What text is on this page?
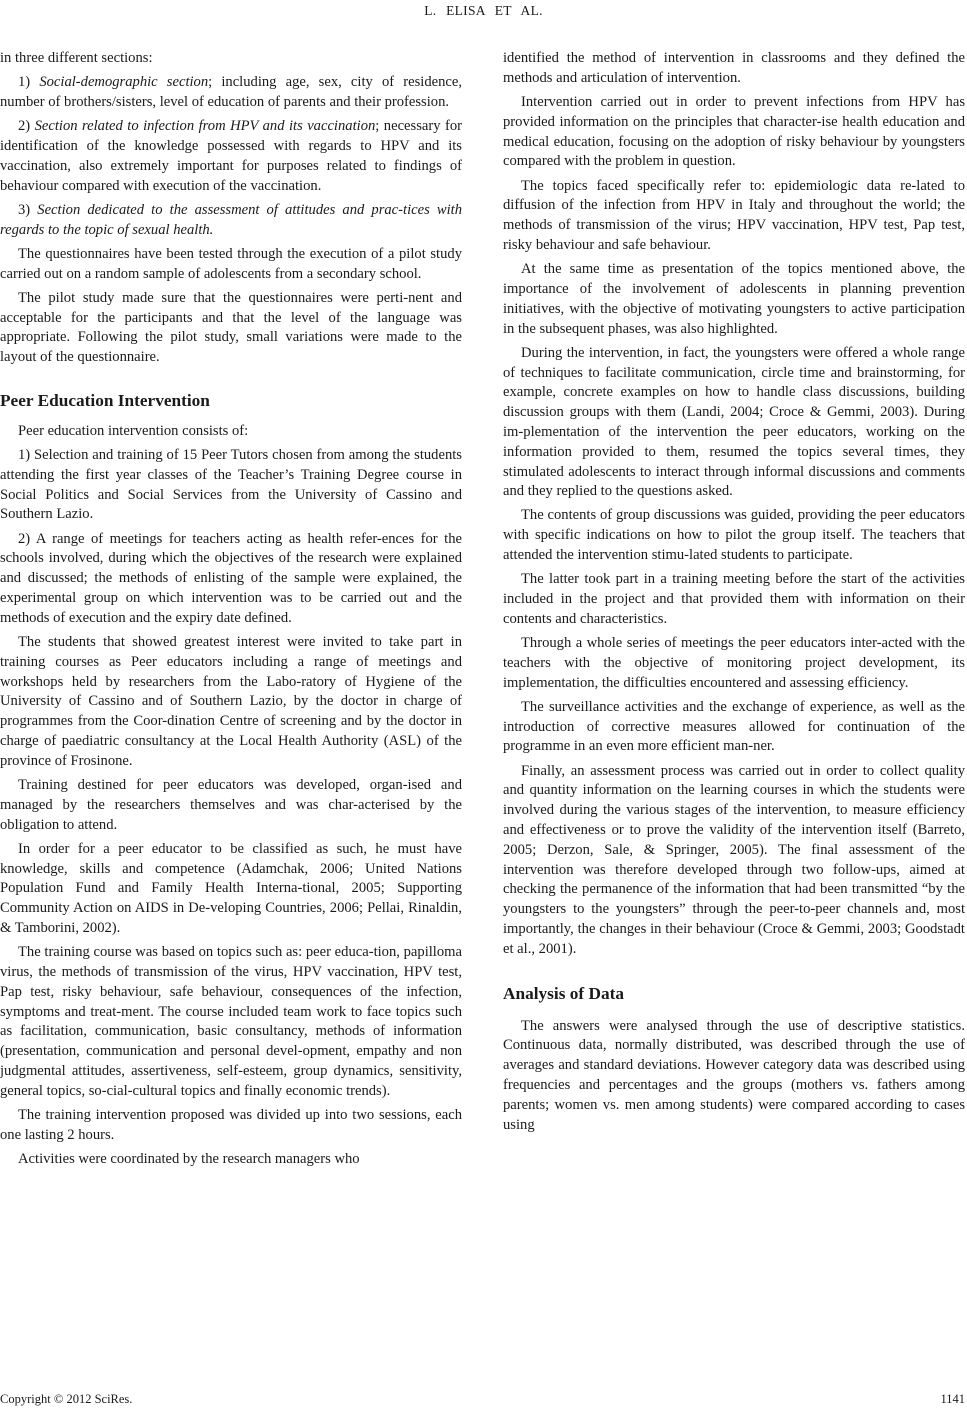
L. ELISA ET AL.

in three different sections:

1) Social-demographic section; including age, sex, city of residence, number of brothers/sisters, level of education of parents and their profession.

2) Section related to infection from HPV and its vaccination; necessary for identification of the knowledge possessed with regards to HPV and its vaccination, also extremely important for purposes related to findings of behaviour compared with execution of the vaccination.

3) Section dedicated to the assessment of attitudes and prac-tices with regards to the topic of sexual health.

The questionnaires have been tested through the execution of a pilot study carried out on a random sample of adolescents from a secondary school.

The pilot study made sure that the questionnaires were perti-nent and acceptable for the participants and that the level of the language was appropriate. Following the pilot study, small variations were made to the layout of the questionnaire.

Peer Education Intervention

Peer education intervention consists of:

1) Selection and training of 15 Peer Tutors chosen from among the students attending the first year classes of the Teacher’s Training Degree course in Social Politics and Social Services from the University of Cassino and Southern Lazio.

2) A range of meetings for teachers acting as health refer-ences for the schools involved, during which the objectives of the research were explained and discussed; the methods of enlisting of the sample were explained, the experimental group on which intervention was to be carried out and the methods of execution and the expiry date defined.

The students that showed greatest interest were invited to take part in training courses as Peer educators including a range of meetings and workshops held by researchers from the Labo-ratory of Hygiene of the University of Cassino and of Southern Lazio, by the doctor in charge of programmes from the Coor-dination Centre of screening and by the doctor in charge of paediatric consultancy at the Local Health Authority (ASL) of the province of Frosinone.

Training destined for peer educators was developed, organ-ised and managed by the researchers themselves and was char-acterised by the obligation to attend.

In order for a peer educator to be classified as such, he must have knowledge, skills and competence (Adamchak, 2006; United Nations Population Fund and Family Health Interna-tional, 2005; Supporting Community Action on AIDS in De-veloping Countries, 2006; Pellai, Rinaldin, & Tamborini, 2002).

The training course was based on topics such as: peer educa-tion, papilloma virus, the methods of transmission of the virus, HPV vaccination, HPV test, Pap test, risky behaviour, safe behaviour, consequences of the infection, symptoms and treat-ment. The course included team work to face topics such as facilitation, communication, basic consultancy, methods of information (presentation, communication and personal devel-opment, empathy and non judgmental attitudes, assertiveness, self-esteem, group dynamics, sensitivity, general topics, so-cial-cultural topics and finally economic trends).

The training intervention proposed was divided up into two sessions, each one lasting 2 hours.

Activities were coordinated by the research managers who

identified the method of intervention in classrooms and they defined the methods and articulation of intervention.

Intervention carried out in order to prevent infections from HPV has provided information on the principles that character-ise health education and medical education, focusing on the adoption of risky behaviour by youngsters compared with the problem in question.

The topics faced specifically refer to: epidemiologic data re-lated to diffusion of the infection from HPV in Italy and throughout the world; the methods of transmission of the virus; HPV vaccination, HPV test, Pap test, risky behaviour and safe behaviour.

At the same time as presentation of the topics mentioned above, the importance of the involvement of adolescents in planning prevention initiatives, with the objective of motivating youngsters to active participation in the subsequent phases, was also highlighted.

During the intervention, in fact, the youngsters were offered a whole range of techniques to facilitate communication, circle time and brainstorming, for example, concrete examples on how to handle class discussions, building discussion groups with them (Landi, 2004; Croce & Gemmi, 2003). During im-plementation of the intervention the peer educators, working on the information provided to them, resumed the topics several times, they stimulated adolescents to interact through informal discussions and comments and they replied to the questions asked.

The contents of group discussions was guided, providing the peer educators with specific indications on how to pilot the group itself. The teachers that attended the intervention stimu-lated students to participate.

The latter took part in a training meeting before the start of the activities included in the project and that provided them with information on their contents and characteristics.

Through a whole series of meetings the peer educators inter-acted with the teachers with the objective of monitoring project development, its implementation, the difficulties encountered and assessing efficiency.

The surveillance activities and the exchange of experience, as well as the introduction of corrective measures allowed for continuation of the programme in an even more efficient man-ner.

Finally, an assessment process was carried out in order to collect quality and quantity information on the learning courses in which the students were involved during the various stages of the intervention, to measure efficiency and effectiveness or to prove the validity of the intervention itself (Barreto, 2005; Derzon, Sale, & Springer, 2005). The final assessment of the intervention was therefore developed through two follow-ups, aimed at checking the permanence of the information that had been transmitted “by the youngsters to the youngsters” through the peer-to-peer channels and, most importantly, the changes in their behaviour (Croce & Gemmi, 2003; Goodstadt et al., 2001).

Analysis of Data

The answers were analysed through the use of descriptive statistics. Continuous data, normally distributed, was described through the use of averages and standard deviations. However category data was described using frequencies and percentages and the groups (mothers vs. fathers among parents; women vs. men among students) were compared according to cases using

Copyright © 2012 SciRes.	1141
